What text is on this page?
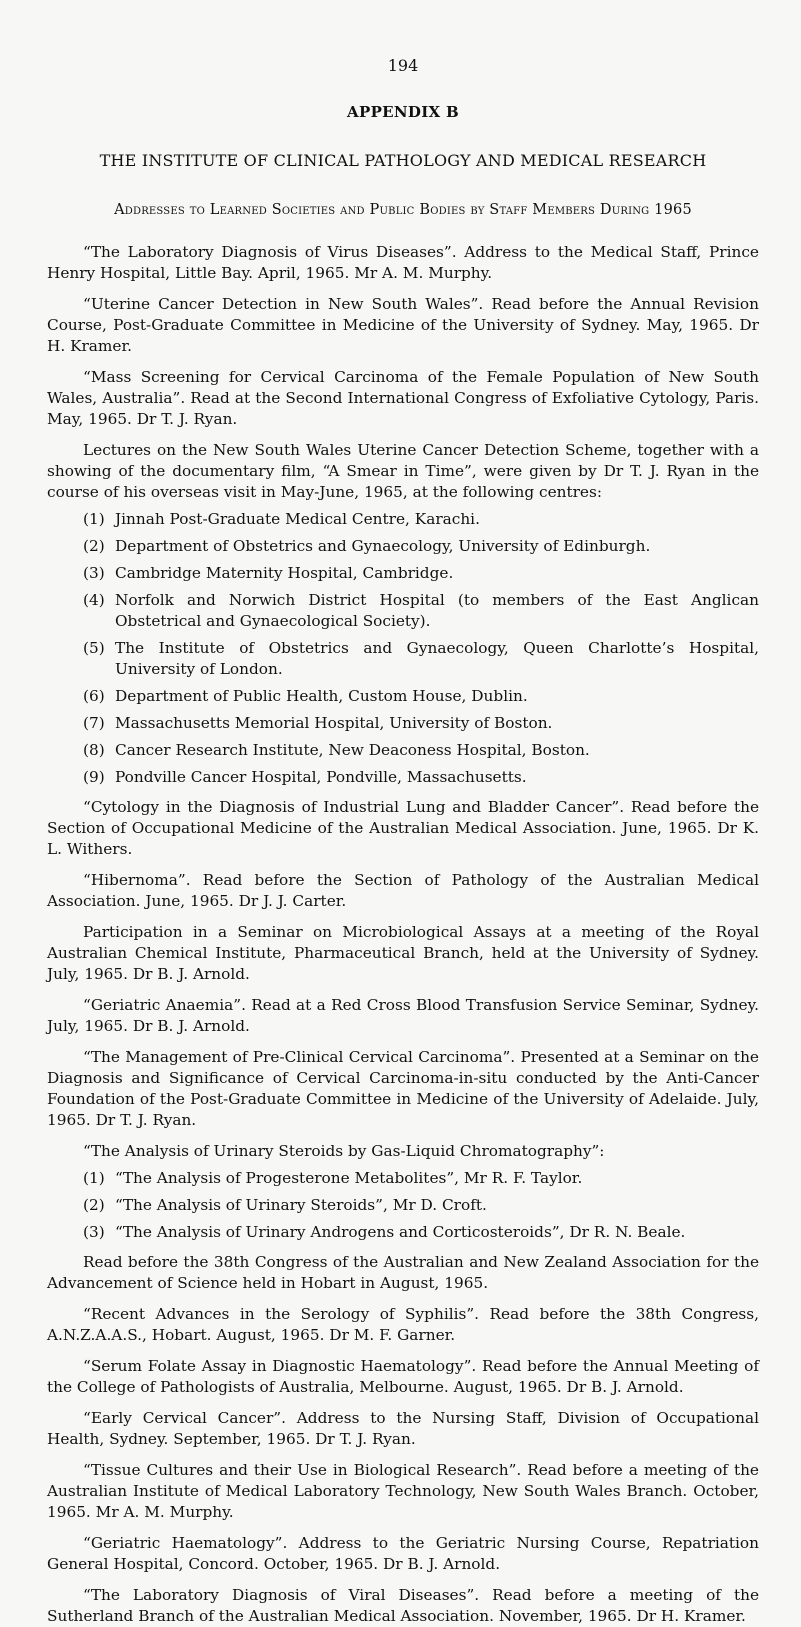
194
APPENDIX B
THE INSTITUTE OF CLINICAL PATHOLOGY AND MEDICAL RESEARCH
Addresses to Learned Societies and Public Bodies by Staff Members During 1965

“The Laboratory Diagnosis of Virus Diseases”. Address to the Medical Staff, Prince Henry Hospital, Little Bay. April, 1965. Mr A. M. Murphy.

“Uterine Cancer Detection in New South Wales”. Read before the Annual Revision Course, Post-Graduate Committee in Medicine of the University of Sydney. May, 1965. Dr H. Kramer.

“Mass Screening for Cervical Carcinoma of the Female Population of New South Wales, Australia”. Read at the Second International Congress of Exfoliative Cytology, Paris. May, 1965. Dr T. J. Ryan.

Lectures on the New South Wales Uterine Cancer Detection Scheme, together with a showing of the documentary film, “A Smear in Time”, were given by Dr T. J. Ryan in the course of his overseas visit in May-June, 1965, at the following centres:

(1) Jinnah Post-Graduate Medical Centre, Karachi.
(2) Department of Obstetrics and Gynaecology, University of Edinburgh.
(3) Cambridge Maternity Hospital, Cambridge.
(4) Norfolk and Norwich District Hospital (to members of the East Anglican Obstetrical and Gynaecological Society).
(5) The Institute of Obstetrics and Gynaecology, Queen Charlotte’s Hospital, University of London.
(6) Department of Public Health, Custom House, Dublin.
(7) Massachusetts Memorial Hospital, University of Boston.
(8) Cancer Research Institute, New Deaconess Hospital, Boston.
(9) Pondville Cancer Hospital, Pondville, Massachusetts.

“Cytology in the Diagnosis of Industrial Lung and Bladder Cancer”. Read before the Section of Occupational Medicine of the Australian Medical Association. June, 1965. Dr K. L. Withers.

“Hibernoma”. Read before the Section of Pathology of the Australian Medical Association. June, 1965. Dr J. J. Carter.

Participation in a Seminar on Microbiological Assays at a meeting of the Royal Australian Chemical Institute, Pharmaceutical Branch, held at the University of Sydney. July, 1965. Dr B. J. Arnold.

“Geriatric Anaemia”. Read at a Red Cross Blood Transfusion Service Seminar, Sydney. July, 1965. Dr B. J. Arnold.

“The Management of Pre-Clinical Cervical Carcinoma”. Presented at a Seminar on the Diagnosis and Significance of Cervical Carcinoma-in-situ conducted by the Anti-Cancer Foundation of the Post-Graduate Committee in Medicine of the University of Adelaide. July, 1965. Dr T. J. Ryan.

“The Analysis of Urinary Steroids by Gas-Liquid Chromatography”:

(1) “The Analysis of Progesterone Metabolites”, Mr R. F. Taylor.
(2) “The Analysis of Urinary Steroids”, Mr D. Croft.
(3) “The Analysis of Urinary Androgens and Corticosteroids”, Dr R. N. Beale.

Read before the 38th Congress of the Australian and New Zealand Association for the Advancement of Science held in Hobart in August, 1965.

“Recent Advances in the Serology of Syphilis”. Read before the 38th Congress, A.N.Z.A.A.S., Hobart. August, 1965. Dr M. F. Garner.

“Serum Folate Assay in Diagnostic Haematology”. Read before the Annual Meeting of the College of Pathologists of Australia, Melbourne. August, 1965. Dr B. J. Arnold.

“Early Cervical Cancer”. Address to the Nursing Staff, Division of Occupational Health, Sydney. September, 1965. Dr T. J. Ryan.

“Tissue Cultures and their Use in Biological Research”. Read before a meeting of the Australian Institute of Medical Laboratory Technology, New South Wales Branch. October, 1965. Mr A. M. Murphy.

“Geriatric Haematology”. Address to the Geriatric Nursing Course, Repatriation General Hospital, Concord. October, 1965. Dr B. J. Arnold.

“The Laboratory Diagnosis of Viral Diseases”. Read before a meeting of the Sutherland Branch of the Australian Medical Association. November, 1965. Dr H. Kramer.
